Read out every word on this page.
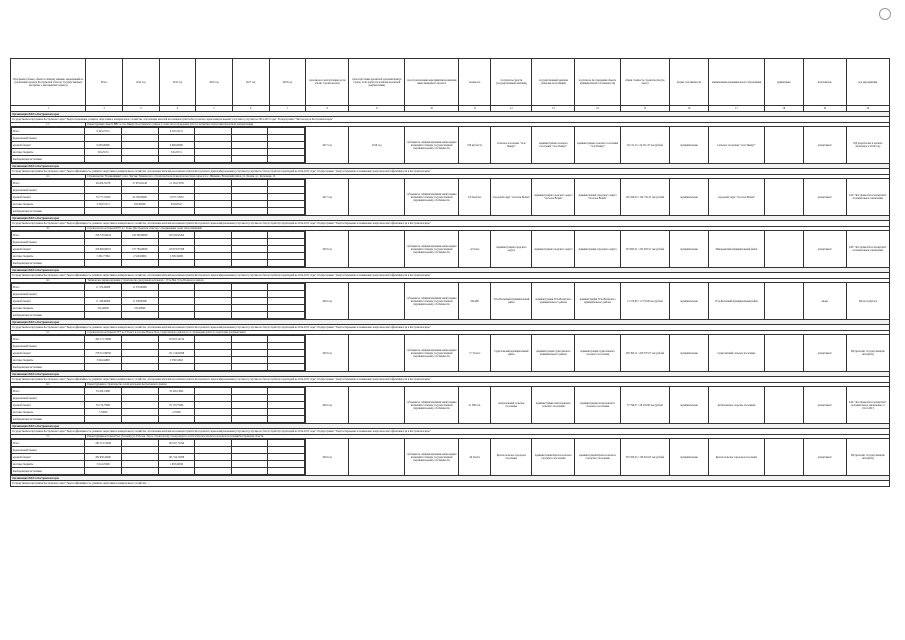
Программа (объект, объект по вашему мнению, выделенный на реализацию проекта Костромской области, Государственных программ, о мероприятии объекта)	Всего	2014 год	2015 год	2016 год	2017 год	2018 год	срок ввода в эксплуатацию (если объект строительства)	срок подготовки проектной документации (в случае, если требуется наличие проектной документации)	способ реализации мероприятия/реализации инвестиционного проекта	мощность	получатель средств (государственный заказчик)	государственный заказчик (заказчик-застройщик)	получатель (в отношении объекта муниципальной собственности)	общая стоимость строительства (по смете)	форма собственности	наименование муниципального образования	примечание	исполнитель	код мероприятия
1	2	3	4	5	6	7	8	9	10	11	12	13	14	15	16	17	18	19	20
Организация ЖКХ в Костромском крае
Государственная программа Костромского края "Энергосбережение, развитие энергетики и коммунального хозяйства, обеспечение жителей населенных пунктов Костромского края коммунальными услугами и услугами на 2014-2015 годы". Подпрограмма "Чистая вода в Костромском крае"
1.1.	Реконструкция объекта ВВС в селе Пыщуг Кологривского района (с коим числа проведение работ в экспертизе подготовки проектной документации)

Всего	9 345,25151		9 345,25151			
федеральный бюджет						
краевой бюджет	9 000,00000		9 000,00000			
местные бюджеты	345,25151		345,25151			
внебюджетные источники						
	2017 год	2016 год	субсидия на софинансирование капитальных вложений в объекты государственной (муниципальной) собственности	100 куб.м/сут	Сельское поселение "село Пыщуг"	Администрация сельского поселения "село Пыщуг"	Администрация сельского поселения "село Пыщуг"	20 121,15 / 24 231,37 тыс.рублей	муниципальная	Сельское поселение "село Пыщуг"		департамент	ПД разработана и прошла экспертизу в 2016 году
Организация ЖКХ в Костромском крае
Государственная программа Костромского края "Энергоэффективность, развитие энергетики и коммунального хозяйства, обеспечение жителей населенных пунктов Костромского края коммунальными услугами и услугами по благоустройству территорий на 2014-2015 годы". Подпрограмма "Энергосбережение и повышение энергетической эффективности в Костромском крае"
2.1.	Строительство "Поликлиники" в пос. Чистые Технического строительства котельной на местном сырье в пос. Ширкино, Вохомский район, ул. Лесная, д.1. Котельная, 15

Всего	48 204,79178	27 070,62140	21 134,17038			
федеральный бюджет						
краевой бюджет	35 777,72050	24 700,00000	11 077,72050			
местные бюджеты	2 230,57171	922,66508	652,95541			
внебюджетные источники						
	2017 год		субсидия на софинансирование капитальных вложений в объекты государственной (муниципальной) собственности	3,0 Гкал/час	городской округ "поселок Вохма"	Администрация городского округа "поселок Вохма"	Администрация городского округа "поселок Вохма"	165 329,52 / 124 732,31 тыс.рублей	муниципальная	городской округ "поселок Вохма"		департамент	ГАУ "Костромаоблгосэкспертиза" положительное заключение
Организация ЖКХ в Костромском крае
Государственная программа Костромского края "Энергоэффективность, развитие энергетики и коммунального хозяйства, обеспечение жителей населенных пунктов Костромского края коммунальными услугами и услугами по благоустройству территорий на 2014-2015 годы". Подпрограмма "Энергосбережение и повышение энергетической эффективности в Костромском крае"
3.1.	Строительство котельной БГУ в г. Галич (Костромская область) с объединением сетей теплоснабжения

Всего	258 770,95454	140 300,00000	118 335,95454			
федеральный бюджет						
краевой бюджет	256 682,69352	137 780,00000	118 675,97598			
местные бюджеты	5 301,77584	2 520,00000	2 595,32009			
внебюджетные источники						
	2018 год		субсидия на софинансирование капитальных вложений в объекты государственной (муниципальной) собственности	4,3 Гкал	Администрация городского округа	Администрация городского округа	Администрация городского округа	255 693,31 / 252 923,51 тыс.рублей	муниципальная	Макарьевский муниципальный район		департамент	ГАУ "Костромаоблгосэкспертиза" положительное заключение
Организация ЖКХ в Костромском крае
Государственная программа Костромского края "Энергоэффективность, развитие энергетики и коммунального хозяйства, обеспечение жителей населенных пунктов Костромского края коммунальными услугами и услугами по благоустройству территорий на 2014-2015 годы". Подпрограмма "Энергосбережение и повышение энергетической эффективности в Костромском крае"
4.1.	Техническое перевооружение (строительство) модульной котельной с. Усть-Нея, Усть-Волжского района

Всего	11 570,00000	11 570,00000				
федеральный бюджет						
краевой бюджет	11 338,60000	11 338,60000				
местные бюджеты	231,40000	231,40000				
внебюджетные источники						
	2016 год		субсидия на софинансирование капитальных вложений в объекты государственной (муниципальной) собственности	300 кВт	Усть-Волжский муниципальный район	Администрация Усть-Волжского муниципального района	Администрация Усть-Волжского муниципального района	11 570,00 / 11 570,00 тыс.рублей	муниципальная	Усть-Волжский муниципальный район		вновь	ПД не требуется
Организация ЖКХ в Костромском крае
Государственная программа Костромского края "Энергоэффективность, развитие энергетики и коммунального хозяйства, обеспечение жителей населенных пунктов Костромского края коммунальными услугами и услугами по благоустройству территорий на 2014-2015 годы". Подпрограмма "Энергосбережение и повышение энергетической эффективности в Костромском крае"
5.1.	Строительство котельной ТГУ на 9 Гкал/ч в поселке Новое Поле, Судиславского района (в т.ч. проведение работ по подготовке документации)

Всего	282 171,75999		133 675,14724			
федеральный бюджет						
краевой бюджет	278 551,89350		131 116,62838			
местные бюджеты	3 620,44800		2 558,51616			
внебюджетные источники						
	2018 год		субсидия на софинансирование капитальных вложений в объекты государственной (муниципальной) собственности	7,7 Гкал/ч	Судиславский муниципальный район	Администрация Судиславского муниципального района	Администрация Судиславского сельского поселения	285 395,11 / 228 707,07 тыс.рублей	муниципальная	Судиславский сельское поселение		департамент	ПД проходит государственную экспертизу
Организация ЖКХ в Костромском крае
Государственная программа Костромского края "Энергоэффективность, развитие энергетики и коммунального хозяйства, обеспечение жителей населенных пунктов Костромского края коммунальными услугами и услугами по благоустройству территорий на 2014-2015 годы". Подпрограмма "Энергосбережение и повышение энергетической эффективности в Костромском крае"
6.1.	Реконструкция и строительство сетей котельной Антроповского района

Всего	35 459,13681		35 459,13681			
федеральный бюджет						
краевой бюджет	35 170,75981		35 170,75981			
местные бюджеты	7,70000		2,70000			
внебюджетные источники						
	2016 год		субсидия на софинансирование капитальных вложений в объекты государственной (муниципальной) собственности	21 380 п.м.	Антроповский сельское поселение	Администрация Антроповского сельского поселения	Администрация Антроповского сельского поселения	37 799,57 / 28 470,90 тыс.рублей	муниципальная	Антроповское сельское поселение		департамент	ГАУ "Костромаоблгосэкспертиза" положительное заключение от 19.12.2013
Организация ЖКХ в Костромском крае
Государственная программа Костромского края "Энергоэффективность, развитие энергетики и коммунального хозяйства, обеспечение жителей населенных пунктов Костромского края коммунальными услугами и услугами по благоустройству территорий на 2014-2015 годы". Подпрограмма "Энергосбережение и повышение энергетической эффективности в Костромском крае"
7.1.	Реконструкция котельной №1 (Газовая) (ул. Рабочая, 19) по строительству газопроводного котла в Красносельском городском поселении Костромской области

Всего	283 113,73436		103 227,71044			
федеральный бюджет						
краевой бюджет	282 950,45400		101 724,72008			
местные бюджеты	5 012,25436		1 003,29036			
внебюджетные источники						
	2019 год		субсидия на софинансирование капитальных вложений в объекты государственной (муниципальной) собственности	40 Гкал/ч	Красносельское городское поселение	Администрация Красносельского городского поселения	Администрация Красносельского городского поселения	335 500,25 / 158 941,05 тыс.рублей	муниципальная	Красносельское городское поселение		департамент	ПД проходит государственную экспертизу
Организация ЖКХ в Костромском крае
Государственная программа Костромского края "Энергоэффективность, развитие энергетики и коммунального хозяйства ..."
